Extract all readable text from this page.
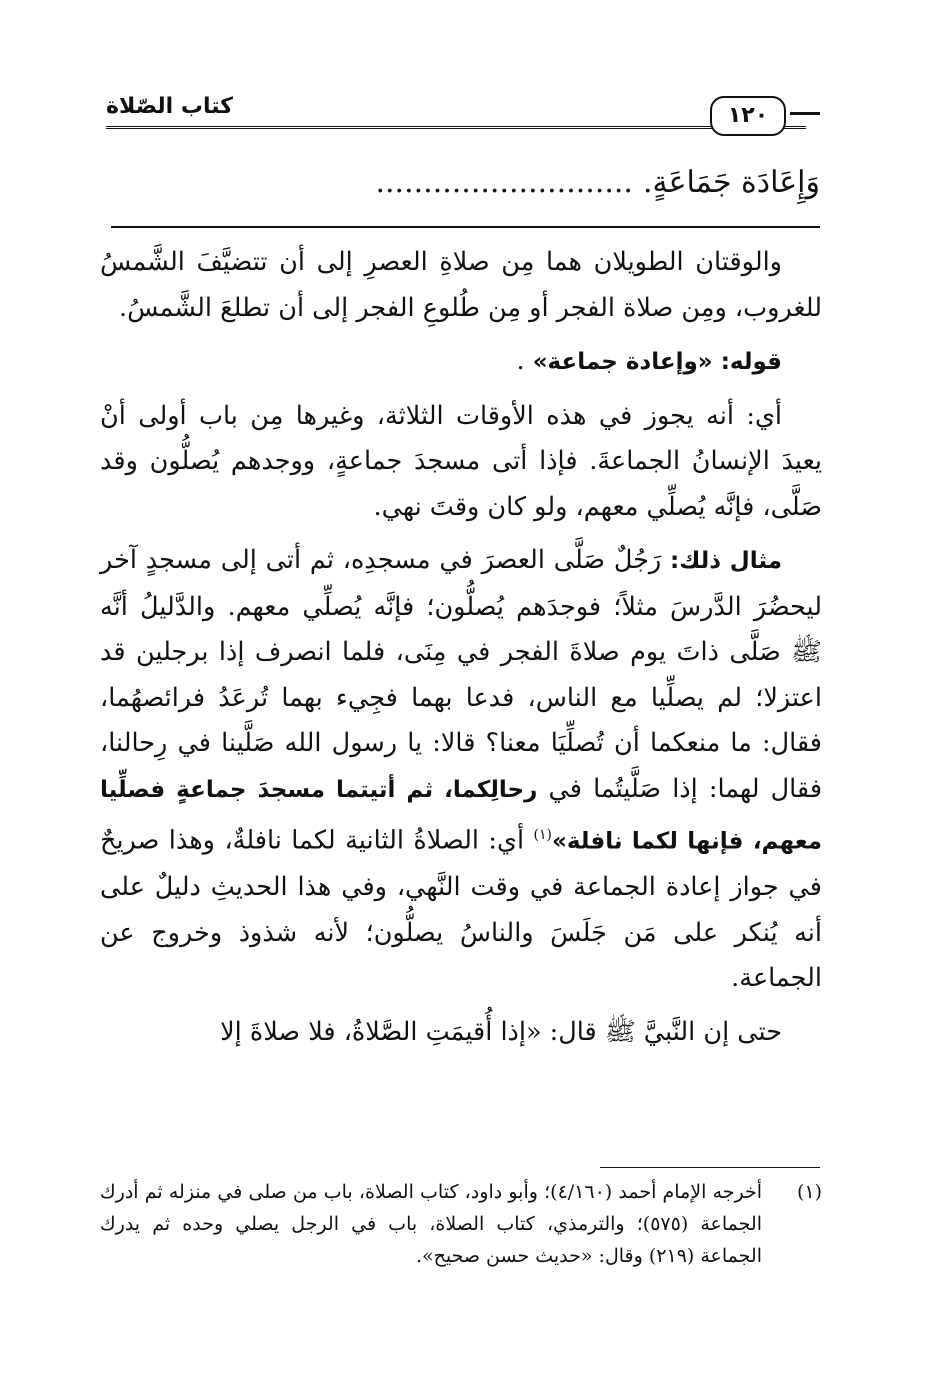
كتاب الصّلاة	١٢٠
وَإِعَادَة جَمَاعَةٍ............................

والوقتان الطويلان هما مِن صلاةِ العصرِ إلى أن تتضيَّفَ الشَّمسُ للغروب، ومِن صلاة الفجر أو مِن طُلوعِ الفجر إلى أن تطلعَ الشَّمسُ.

قوله: «وإعادة جماعة» .

أي: أنه يجوز في هذه الأوقات الثلاثة، وغيرها مِن باب أولى أنْ يعيدَ الإنسانُ الجماعةَ. فإذا أتى مسجدَ جماعةٍ، ووجدهم يُصلُّون وقد صَلَّى، فإنَّه يُصلِّي معهم، ولو كان وقتَ نهي.

مثال ذلك: رَجُلٌ صَلَّى العصرَ في مسجدِه، ثم أتى إلى مسجدٍ آخر ليحضُرَ الدَّرسَ مثلاً؛ فوجدَهم يُصلُّون؛ فإنَّه يُصلِّي معهم. والدَّليلُ أنَّه ﷺ صَلَّى ذاتَ يوم صلاةَ الفجر في مِنَى، فلما انصرف إذا برجلين قد اعتزلا؛ لم يصلِّيا مع الناس، فدعا بهما فجِيء بهما تُرعَدُ فرائصهُما، فقال: ما منعكما أن تُصلِّيَا معنا؟ قالا: يا رسول الله صَلَّينا في رِحالنا، فقال لهما: إذا صَلَّيتُما في رحالِكما، ثم أتيتما مسجدَ جماعةٍ فصلِّيا معهم، فإنها لكما نافلة»$^{(١)}$ أي: الصلاةُ الثانية لكما نافلةٌ، وهذا صريحٌ في جواز إعادة الجماعة في وقت النَّهي، وفي هذا الحديثِ دليلٌ على أنه يُنكر على مَن جَلَسَ والناسُ يصلُّون؛ لأنه شذوذ وخروج عن الجماعة.

حتى إن النَّبيَّ ﷺ قال: «إذا أُقيمَتِ الصَّلاةُ، فلا صلاةَ إلا

(١)
أخرجه الإمام أحمد (٤/١٦٠)؛ وأبو داود، كتاب الصلاة، باب من صلى في منزله ثم أدرك الجماعة (٥٧٥)؛ والترمذي، كتاب الصلاة، باب في الرجل يصلي وحده ثم يدرك الجماعة (٢١٩) وقال: «حديث حسن صحيح».
